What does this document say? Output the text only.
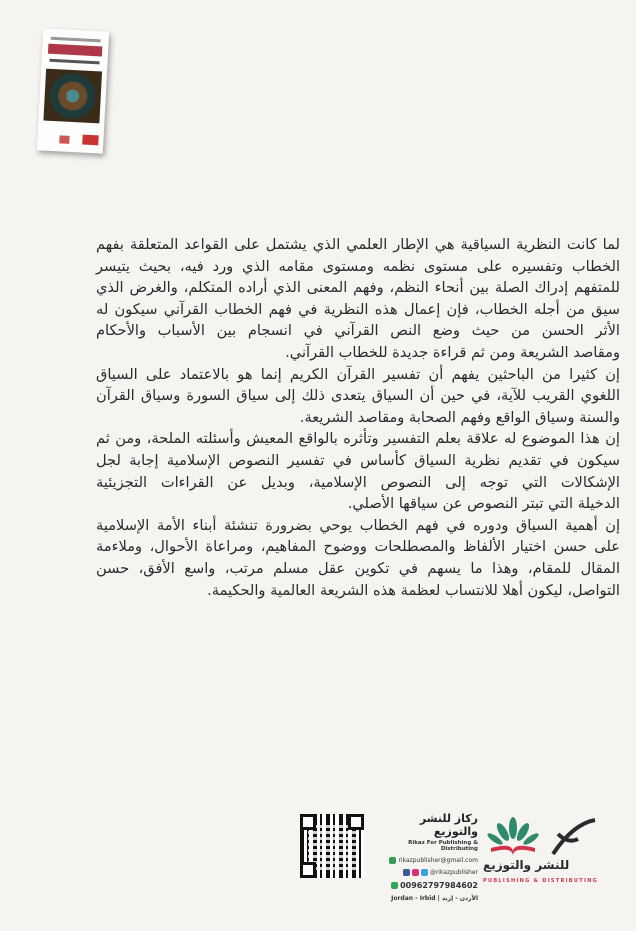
لما كانت النظرية السياقية هي الإطار العلمي الذي يشتمل على القواعد المتعلقة بفهم
الخطاب وتفسيره على مستوى نظمه ومستوى مقامه الذي ورد فيه، بحيث يتيسر
للمتفهم إدراك الصلة بين أنحاء النظم، وفهم المعنى الذي أراده المتكلم، والغرض الذي
سيق من أجله الخطاب، فإن إعمال هذه النظرية في فهم الخطاب القرآني سيكون له
الأثر الحسن من حيث وضع النص القرآني في انسجام بين الأسباب والأحكام
ومقاصد الشريعة ومن ثم قراءة جديدة للخطاب القرآني.

إن كثيرا من الباحثين يفهم أن تفسير القرآن الكريم إنما هو بالاعتماد على السياق
اللغوي القريب للآية، في حين أن السياق يتعدى ذلك إلى سياق السورة وسياق القرآن
والسنة وسياق الواقع وفهم الصحابة ومقاصد الشريعة.

إن هذا الموضوع له علاقة بعلم التفسير وتأثره بالواقع المعيش وأسئلته الملحة، ومن ثم
سيكون في تقديم نظرية السياق كأساس في تفسير النصوص الإسلامية إجابة لجل
الإشكالات التي توجه إلى النصوص الإسلامية، وبديل عن القراءات التجزيئية
الدخيلة التي تبتر النصوص عن سياقها الأصلي.

إن أهمية السياق ودوره في فهم الخطاب يوحي بضرورة تنشئة أبناء الأمة الإسلامية
على حسن اختيار الألفاظ والمصطلحات ووضوح المفاهيم، ومراعاة الأحوال، وملاءمة
المقال للمقام، وهذا ما يسهم في تكوين عقل مسلم مرتب، واسع الأفق، حسن
التواصل، ليكون أهلا للانتساب لعظمة هذه الشريعة العالمية والحكيمة.

ركاز للنشر والتوزيع
Rikaz For Publishing & Distributing
rikazpublisher@gmail.com
@rikazpublisher
00962797984602
Jordan - Irbid | الأردن - إربد
للنشر والتوزيع
PUBLISHING & DISTRIBUTING
